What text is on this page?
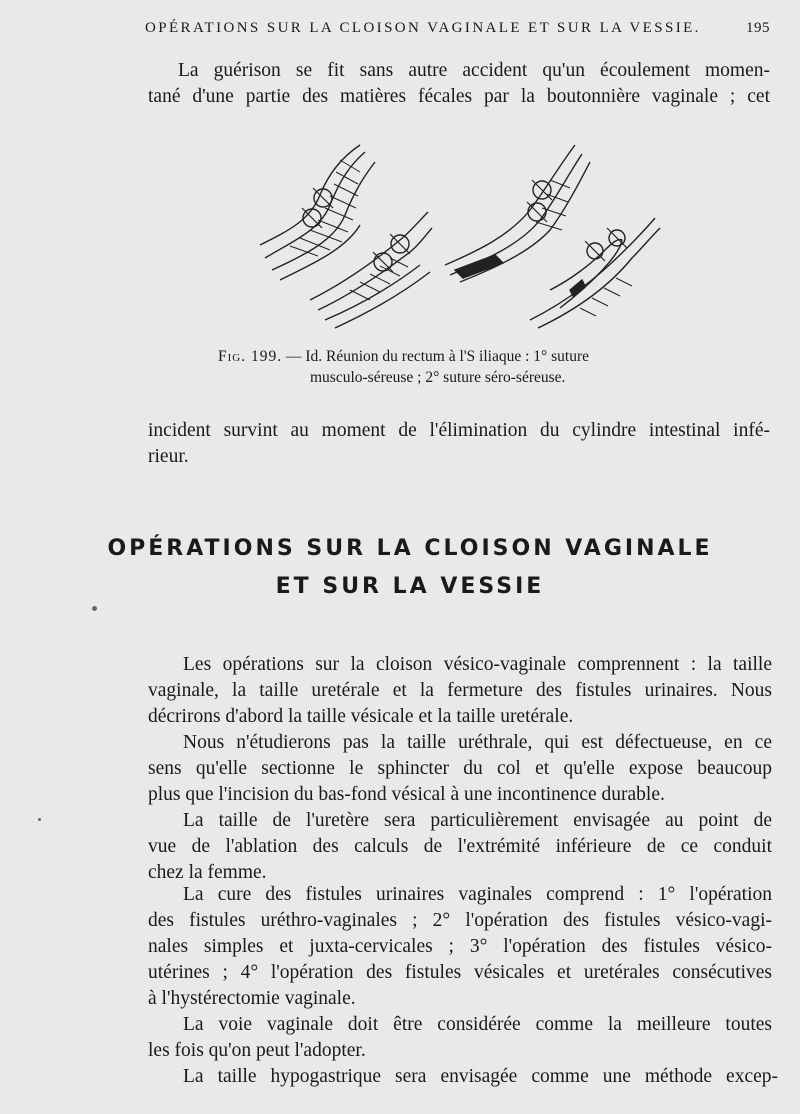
OPÉRATIONS SUR LA CLOISON VAGINALE ET SUR LA VESSIE.	195
La guérison se fit sans autre accident qu'un écoulement momen-
tané d'une partie des matières fécales par la boutonnière vaginale ; cet
Fig. 199. — Id. Réunion du rectum à l'S iliaque : 1° suture
musculo-séreuse ; 2° suture séro-séreuse.
incident survint au moment de l'élimination du cylindre intestinal infé-
rieur.
OPÉRATIONS SUR LA CLOISON VAGINALE
ET SUR LA VESSIE
Les opérations sur la cloison vésico-vaginale comprennent : la taille
vaginale, la taille uretérale et la fermeture des fistules urinaires. Nous
décrirons d'abord la taille vésicale et la taille uretérale.
Nous n'étudierons pas la taille uréthrale, qui est défectueuse, en ce
sens qu'elle sectionne le sphincter du col et qu'elle expose beaucoup
plus que l'incision du bas-fond vésical à une incontinence durable.
La taille de l'uretère sera particulièrement envisagée au point de
vue de l'ablation des calculs de l'extrémité inférieure de ce conduit
chez la femme.
La cure des fistules urinaires vaginales comprend : 1° l'opération
des fistules uréthro-vaginales ; 2° l'opération des fistules vésico-vagi-
nales simples et juxta-cervicales ; 3° l'opération des fistules vésico-
utérines ; 4° l'opération des fistules vésicales et uretérales consécutives
à l'hystérectomie vaginale.
La voie vaginale doit être considérée comme la meilleure toutes
les fois qu'on peut l'adopter.
La taille hypogastrique sera envisagée comme une méthode excep-
